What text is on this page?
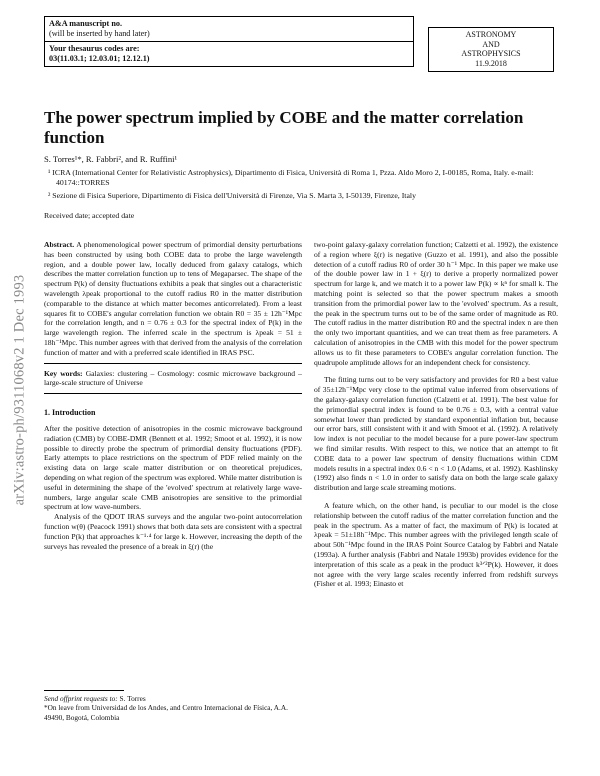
A&A manuscript no.
(will be inserted by hand later)
Your thesaurus codes are:
03(11.03.1; 12.03.01; 12.12.1)
ASTRONOMY
AND
ASTROPHYSICS
11.9.2018
arXiv:astro-ph/9311068v2 1 Dec 1993
The power spectrum implied by COBE and the matter correlation function
S. Torres¹*, R. Fabbri², and R. Ruffini¹
¹ ICRA (International Center for Relativistic Astrophysics), Dipartimento di Fisica, Università di Roma 1, Pzza. Aldo Moro 2, I-00185, Roma, Italy. e-mail: 40174::TORRES
² Sezione di Fisica Superiore, Dipartimento di Fisica dell'Università di Firenze, Via S. Marta 3, I-50139, Firenze, Italy
Received date; accepted date

Abstract. A phenomenological power spectrum of primordial density perturbations has been constructed by using both COBE data to probe the large wavelength region, and a double power law, locally deduced from galaxy catalogs, which describes the matter correlation function up to tens of Megaparsec. The shape of the spectrum P(k) of density fluctuations exhibits a peak that singles out a characteristic wavelength λpeak proportional to the cutoff radius R0 in the matter distribution (comparable to the distance at which matter becomes anticorrelated). From a least squares fit to COBE's angular correlation function we obtain R0 = 35 ± 12h⁻¹Mpc for the correlation length, and n = 0.76 ± 0.3 for the spectral index of P(k) in the large wavelength region. The inferred scale in the spectrum is λpeak = 51 ± 18h⁻¹Mpc. This number agrees with that derived from the analysis of the correlation function of matter and with a preferred scale identified in IRAS PSC.

Key words: Galaxies: clustering – Cosmology: cosmic microwave background – large-scale structure of Universe

1. Introduction

After the positive detection of anisotropies in the cosmic microwave background radiation (CMB) by COBE-DMR (Bennett et al. 1992; Smoot et al. 1992), it is now possible to directly probe the spectrum of primordial density fluctuations (PDF). Early attempts to place restrictions on the spectrum of PDF relied mainly on the existing data on large scale matter distribution or on theoretical prejudices, depending on what region of the spectrum was explored. While matter distribution is useful in determining the shape of the 'evolved' spectrum at relatively large wave-numbers, large angular scale CMB anisotropies are sensitive to the primordial spectrum at low wave-numbers.

Analysis of the QDOT IRAS surveys and the angular two-point autocorrelation function w(θ) (Peacock 1991) shows that both data sets are consistent with a spectral function P(k) that approaches k⁻¹·⁴ for large k. However, increasing the depth of the surveys has revealed the presence of a break in ξ(r) (the

two-point galaxy-galaxy correlation function; Calzetti et al. 1992), the existence of a region where ξ(r) is negative (Guzzo et al. 1991), and also the possible detection of a cutoff radius R0 of order 30 h⁻¹ Mpc. In this paper we make use of the double power law in 1 + ξ(r) to derive a properly normalized power spectrum for large k, and we match it to a power law P(k) ∝ kⁿ for small k. The matching point is selected so that the power spectrum makes a smooth transition from the primordial power law to the 'evolved' spectrum. As a result, the peak in the spectrum turns out to be of the same order of magnitude as R0. The cutoff radius in the matter distribution R0 and the spectral index n are then the only two important quantities, and we can treat them as free parameters. A calculation of anisotropies in the CMB with this model for the power spectrum allows us to fit these parameters to COBE's angular correlation function. The quadrupole amplitude allows for an independent check for consistency.

The fitting turns out to be very satisfactory and provides for R0 a best value of 35±12h⁻¹Mpc very close to the optimal value inferred from observations of the galaxy-galaxy correlation function (Calzetti et al. 1991). The best value for the primordial spectral index is found to be 0.76 ± 0.3, with a central value somewhat lower than predicted by standard exponential inflation but, because our error bars, still consistent with it and with Smoot et al. (1992). A relatively low index is not peculiar to the model because for a pure power-law spectrum we find similar results. With respect to this, we notice that an attempt to fit COBE data to a power law spectrum of density fluctuations within CDM models results in a spectral index 0.6 < n < 1.0 (Adams, et al. 1992). Kashlinsky (1992) also finds n < 1.0 in order to satisfy data on both the large scale galaxy distribution and large scale streaming motions.

A feature which, on the other hand, is peculiar to our model is the close relationship between the cutoff radius of the matter correlation function and the peak in the spectrum. As a matter of fact, the maximum of P(k) is located at λpeak = 51±18h⁻¹Mpc. This number agrees with the privileged length scale of about 50h⁻¹Mpc found in the IRAS Point Source Catalog by Fabbri and Natale (1993a). A further analysis (Fabbri and Natale 1993b) provides evidence for the interpretation of this scale as a peak in the product k³ᐟ²P(k). However, it does not agree with the very large scales recently inferred from redshift surveys (Fisher et al. 1993; Einasto et

Send offprint requests to: S. Torres
*On leave from Universidad de los Andes, and Centro Internacional de Física, A.A. 49490, Bogotá, Colombia
